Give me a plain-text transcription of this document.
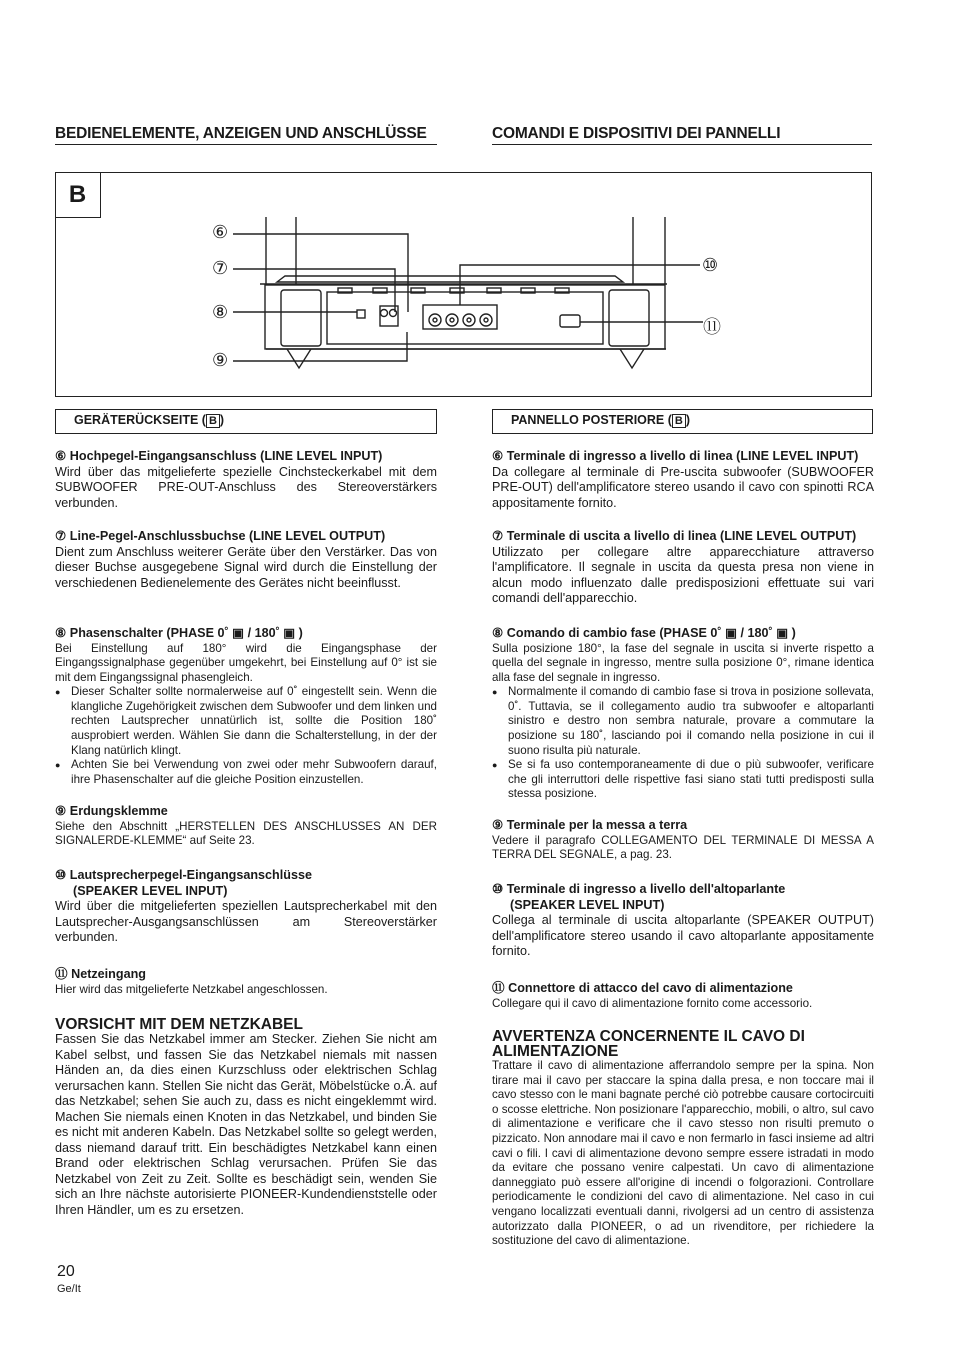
BEDIENELEMENTE, ANZEIGEN UND ANSCHLÜSSE	COMANDI E DISPOSITIVI DEI PANNELLI
B
⑥
⑦
⑧
⑨
⑩
⑪
GERÄTERÜCKSEITE ( B )	PANNELLO POSTERIORE ( B )
⑥ Hochpegel-Eingangsanschluss (LINE LEVEL INPUT)

Wird über das mitgelieferte spezielle Cinchsteckerkabel mit dem SUBWOOFER PRE-OUT-Anschluss des Stereoverstärkers verbunden.

⑦ Line-Pegel-Anschlussbuchse (LINE LEVEL OUTPUT)

Dient zum Anschluss weiterer Geräte über den Verstärker. Das von dieser Buchse ausgegebene Signal wird durch die Einstellung der verschiedenen Bedienelemente des Gerätes nicht beeinflusst.

⑧ Phasenschalter (PHASE 0˚ ▣ / 180˚ ▣ )

Bei Einstellung auf 180° wird die Eingangsphase der Eingangssignalphase gegenüber umgekehrt, bei Einstellung auf 0° ist sie mit dem Eingangssignal phasengleich.

● Dieser Schalter sollte normalerweise auf 0˚ eingestellt sein. Wenn die klangliche Zugehörigkeit zwischen dem Subwoofer und dem linken und rechten Lautsprecher unnatürlich ist, sollte die Position 180˚ ausprobiert werden. Wählen Sie dann die Schalterstellung, in der der Klang natürlich klingt.

● Achten Sie bei Verwendung von zwei oder mehr Subwoofern darauf, ihre Phasenschalter auf die gleiche Position einzustellen.

⑨ Erdungsklemme

Siehe den Abschnitt „HERSTELLEN DES ANSCHLUSSES AN DER SIGNALERDE-KLEMME“ auf Seite 23.

⑩ Lautsprecherpegel-Eingangsanschlüsse
(SPEAKER LEVEL INPUT)

Wird über die mitgelieferten speziellen Lautsprecherkabel mit den Lautsprecher-Ausgangsanschlüssen am Stereoverstärker verbunden.

⑪ Netzeingang

Hier wird das mitgelieferte Netzkabel angeschlossen.

VORSICHT MIT DEM NETZKABEL

Fassen Sie das Netzkabel immer am Stecker. Ziehen Sie nicht am Kabel selbst, und fassen Sie das Netzkabel niemals mit nassen Händen an, da dies einen Kurzschluss oder elektrischen Schlag verursachen kann. Stellen Sie nicht das Gerät, Möbelstücke o.Ä. auf das Netzkabel; sehen Sie auch zu, dass es nicht eingeklemmt wird. Machen Sie niemals einen Knoten in das Netzkabel, und binden Sie es nicht mit anderen Kabeln. Das Netzkabel sollte so gelegt werden, dass niemand darauf tritt. Ein beschädigtes Netzkabel kann einen Brand oder elektrischen Schlag verursachen. Prüfen Sie das Netzkabel von Zeit zu Zeit. Sollte es beschädigt sein, wenden Sie sich an Ihre nächste autorisierte PIONEER-Kundendienststelle oder Ihren Händler, um es zu ersetzen.

⑥ Terminale di ingresso a livello di linea (LINE LEVEL INPUT)

Da collegare al terminale di Pre-uscita subwoofer (SUBWOOFER PRE-OUT) dell'amplificatore stereo usando il cavo con spinotti RCA appositamente fornito.

⑦ Terminale di uscita a livello di linea (LINE LEVEL OUTPUT)

Utilizzato per collegare altre apparecchiature attraverso l'amplificatore. Il segnale in uscita da questa presa non viene in alcun modo influenzato dalle predisposizioni effettuate sui vari comandi dell'apparecchio.

⑧ Comando di cambio fase (PHASE 0˚ ▣ / 180˚ ▣ )

Sulla posizione 180°, la fase del segnale in uscita si inverte rispetto a quella del segnale in ingresso, mentre sulla posizione 0°, rimane identica alla fase del segnale in ingresso.

● Normalmente il comando di cambio fase si trova in posizione sollevata, 0˚. Tuttavia, se il collegamento audio tra subwoofer e altoparlanti sinistro e destro non sembra naturale, provare a commutare la posizione su 180˚, lasciando poi il comando nella posizione in cui il suono risulta più naturale.

● Se si fa uso contemporaneamente di due o più subwoofer, verificare che gli interruttori delle rispettive fasi siano stati tutti predisposti sulla stessa posizione.

⑨ Terminale per la messa a terra

Vedere il paragrafo COLLEGAMENTO DEL TERMINALE DI MESSA A TERRA DEL SEGNALE, a pag. 23.

⑩ Terminale di ingresso a livello dell'altoparlante
(SPEAKER LEVEL INPUT)

Collega al terminale di uscita altoparlante (SPEAKER OUTPUT) dell'amplificatore stereo usando il cavo altoparlante appositamente fornito.

⑪ Connettore di attacco del cavo di alimentazione

Collegare qui il cavo di alimentazione fornito come accessorio.

AVVERTENZA CONCERNENTE IL CAVO DI ALIMENTAZIONE

Trattare il cavo di alimentazione afferrandolo sempre per la spina. Non tirare mai il cavo per staccare la spina dalla presa, e non toccare mai il cavo stesso con le mani bagnate perché ciò potrebbe causare cortocircuiti o scosse elettriche. Non posizionare l'apparecchio, mobili, o altro, sul cavo di alimentazione e verificare che il cavo stesso non risulti premuto o pizzicato. Non annodare mai il cavo e non fermarlo in fasci insieme ad altri cavi o fili. I cavi di alimentazione devono sempre essere istradati in modo da evitare che possano venire calpestati. Un cavo di alimentazione danneggiato può essere all'origine di incendi o folgorazioni. Controllare periodicamente le condizioni del cavo di alimentazione. Nel caso in cui vengano localizzati eventuali danni, rivolgersi ad un centro di assistenza autorizzato dalla PIONEER, o ad un rivenditore, per richiedere la sostituzione del cavo di alimentazione.

20
Ge/It
